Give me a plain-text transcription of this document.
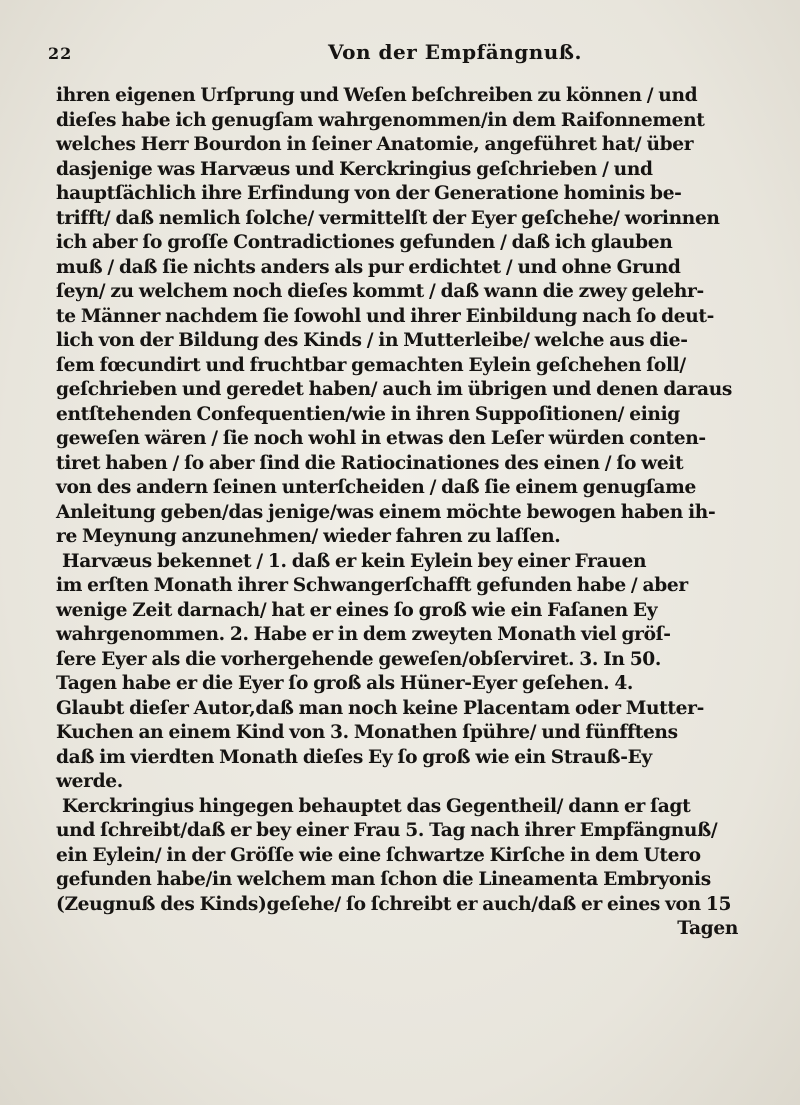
22	Von der Empfängnuß.
ihren eigenen Urſprung und Weſen beſchreiben zu können / und
dieſes habe ich genugſam wahrgenommen/in dem Raifonnement
welches Herr Bourdon in ſeiner Anatomie, angeführet hat/ über
dasjenige was Harvæus und Kerckringius geſchrieben / und
hauptſächlich ihre Erfindung von der Generatione hominis be-
trifft/ daß nemlich ſolche/ vermittelſt der Eyer geſchehe/ worinnen
ich aber ſo groſſe Contradictiones gefunden / daß ich glauben
muß / daß ſie nichts anders als pur erdichtet / und ohne Grund
ſeyn/ zu welchem noch dieſes kommt / daß wann die zwey gelehr-
te Männer nachdem ſie ſowohl und ihrer Einbildung nach ſo deut-
lich von der Bildung des Kinds / in Mutterleibe/ welche aus die-
ſem fœcundirt und fruchtbar gemachten Eylein geſchehen ſoll/
geſchrieben und geredet haben/ auch im übrigen und denen daraus
entſtehenden Confequentien/wie in ihren Suppoſitionen/ einig
geweſen wären / ſie noch wohl in etwas den Leſer würden conten-
tiret haben / ſo aber ſind die Ratiocinationes des einen / ſo weit
von des andern ſeinen unterſcheiden / daß ſie einem genugſame
Anleitung geben/das jenige/was einem möchte bewogen haben ih-
re Meynung anzunehmen/ wieder fahren zu laſſen.
Harvæus bekennet / 1. daß er kein Eylein bey einer Frauen
im erſten Monath ihrer Schwangerſchafft gefunden habe / aber
wenige Zeit darnach/ hat er eines ſo groß wie ein Faſanen Ey
wahrgenommen. 2. Habe er in dem zweyten Monath viel gröſ-
ſere Eyer als die vorhergehende geweſen/obſerviret. 3. In 50.
Tagen habe er die Eyer ſo groß als Hüner-Eyer geſehen. 4.
Glaubt dieſer Autor,daß man noch keine Placentam oder Mutter-
Kuchen an einem Kind von 3. Monathen ſpühre/ und fünfftens
daß im vierdten Monath dieſes Ey ſo groß wie ein Strauß-Ey
werde.
Kerckringius hingegen behauptet das Gegentheil/ dann er ſagt
und ſchreibt/daß er bey einer Frau 5. Tag nach ihrer Empfängnuß/
ein Eylein/ in der Gröſſe wie eine ſchwartze Kirſche in dem Utero
gefunden habe/in welchem man ſchon die Lineamenta Embryonis
(Zeugnuß des Kinds)geſehe/ ſo ſchreibt er auch/daß er eines von 15
Tagen
